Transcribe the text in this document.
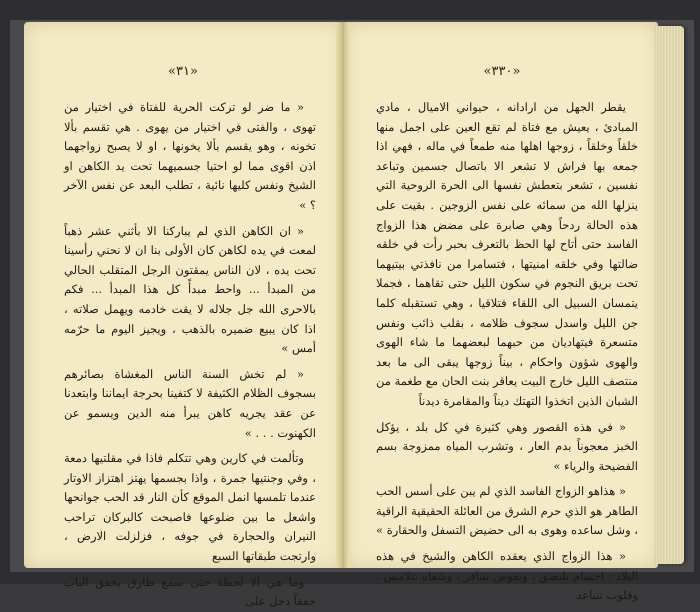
«٣١»

« ما ضر لو تركت الحرية للفتاة في اختيار من تهوى ، والفتى في اختيار من يهوى . هي تقسم بألا تخونه ، وهو يقسم بألا يخونها ، او لا يصبح زواجهما اذن اقوى مما لو احتيا جسميهما تحت يد الكاهن او الشيخ ونفس كليها نائية ، تطلب البعد عن نفس الآخر ؟ »

« ان الكاهن الذي لم يباركنا الا بأثني عشر ذهباً لمعت في يده لكاهن كان الأولى بنا ان لا نحني رأسينا تحت يده ، لان الناس يمقتون الرجل المتقلب الحالي من المبدأ ... واحط مبدأً كل هذا المبدأ ... فكم بالاحرى الله جل جلاله لا يقت خادمه ويهمل صلاته ، اذا كان يبيع ضميره بالذهب ، ويجيز اليوم ما حرّمه أمس »

« لم تخش السنة الناس المغشاة بصائرهم بسجوف الظلام الكثيفة لا كتفينا بحرجة ايماننا وابتعدنا عن عقد يجريه كاهن يبرأ منه الدين ويسمو عن الكهنوت . . . »

وتألمت في كارين وهي تتكلم فاذا في مقلتيها دمعة ، وفي وجنتيها جمرة ، واذا بجسمها يهتز اهتزاز الاوتار عندما تلمسها انمل الموقع كأن النار قد الحب جوانحها واشعل ما بين ضلوعها فاصبحت كالبركان تراحب النيران والحجارة في جوفه ، فزلزلت الارض ، وارتجت طبقاتها السبع

وما هي الا لحظة حتى سمع طارق يخفق الباب خفقاً دخل على

«٣٣٠»

يقطر الجهل من ارادانه ، حيواني الاميال ، مادي المبادئ ، يعيش مع فتاة لم تقع العين على اجمل منها خلقاً وخلقاً ، زوجها اهلها منه طمعاً في ماله ، فهي اذا جمعه بها فراش لا تشعر الا باتصال جسمين وتباعد نفسين ، تشعر بتعطش نفسها الى الحرة الروحية التي ينزلها الله من سمائه على نفس الزوجين . بقيت على هذه الحالة ردحاً وهي صابرة على مضض هذا الزواج الفاسد حتى أتاح لها الحظ بالتعرف بحبر رأت في خلقه ضالتها وفي خلقه امنيتها ، فتسامرا من نافذتي بيتيهما تحت بريق النجوم في سكون الليل حتى تقاهما ، فجملا يتمسان السبيل الى اللقاء فتلاقيا ، وهي تستقبله كلما جن الليل واسدل سجوف ظلامه ، بقلب ذائب ونفس متسعرة فيتهاديان من حبهما لبعضهما ما شاء الهوى والهوى شؤون واحكام ، بيناً زوجها يبقى الى ما بعد منتصف الليل خارج البيت يعاقر بنت الحان مع طغمة من الشبان الذين اتخذوا التهتك ديناً والمقامرة ديدناً

« في هذه القصور وهي كثيرة في كل بلد ، يؤكل الخبز معجوناً بدم العار ، وتشرب المياه ممزوجة بسم الفضيحة والرياء »

« هذاهو الزواج الفاسد الذي لم يبن على أسس الحب الطاهر هو الذي حرم الشرق من العائلة الحقيقية الراقية ، وشل ساعده وهوى به الى حضيض التسفل والحقارة »

« هذا الزواج الذي يعقده الكاهن والشيخ في هذه البلاد : اجسام تلتصق ، ونفوس تتنافر ، وشفاه تتلامس ، وقلوب تتباعد
